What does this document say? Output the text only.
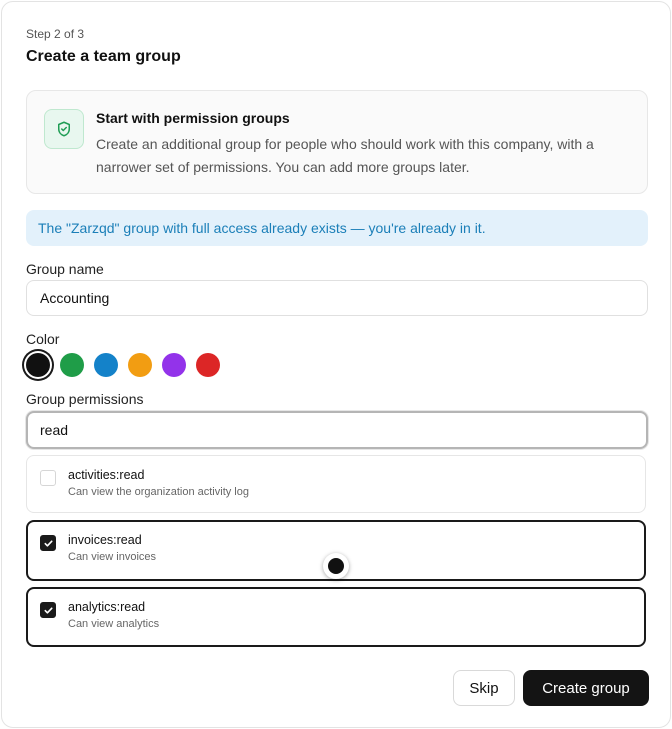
Step 2 of 3
Create a team group
Start with permission groups
Create an additional group for people who should work with this company, with a narrower set of permissions. You can add more groups later.
The "Zarzqd" group with full access already exists — you're already in it.
Group name
Accounting
Color
Group permissions
read
activities:read
Can view the organization activity log
invoices:read
Can view invoices
analytics:read
Can view analytics
Skip	Create group
